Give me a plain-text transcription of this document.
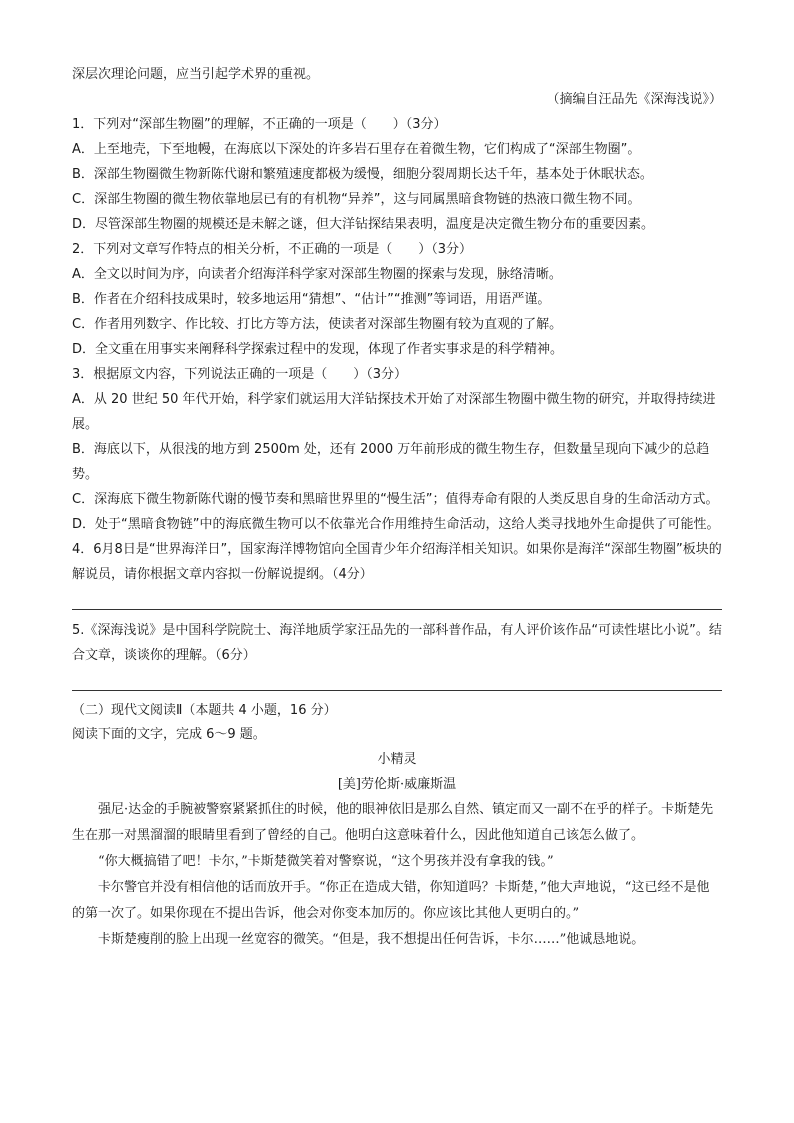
深层次理论问题，应当引起学术界的重视。
（摘编自汪品先《深海浅说》）
1．下列对“深部生物圈”的理解，不正确的一项是（　　）（3分）
A．上至地壳，下至地幔，在海底以下深处的许多岩石里存在着微生物，它们构成了“深部生物圈”。
B．深部生物圈微生物新陈代谢和繁殖速度都极为缓慢，细胞分裂周期长达千年，基本处于休眠状态。
C．深部生物圈的微生物依靠地层已有的有机物“异养”，这与同属黑暗食物链的热液口微生物不同。
D．尽管深部生物圈的规模还是未解之谜，但大洋钻探结果表明，温度是决定微生物分布的重要因素。
2．下列对文章写作特点的相关分析，不正确的一项是（　　）（3分）
A．全文以时间为序，向读者介绍海洋科学家对深部生物圈的探索与发现，脉络清晰。
B．作者在介绍科技成果时，较多地运用“猜想”、“估计”“推测”等词语，用语严谨。
C．作者用列数字、作比较、打比方等方法，使读者对深部生物圈有较为直观的了解。
D．全文重在用事实来阐释科学探索过程中的发现，体现了作者实事求是的科学精神。
3．根据原文内容，下列说法正确的一项是（　　）（3分）
A．从 20 世纪 50 年代开始，科学家们就运用大洋钻探技术开始了对深部生物圈中微生物的研究，并取得持续进展。
B．海底以下，从很浅的地方到 2500m 处，还有 2000 万年前形成的微生物生存，但数量呈现向下减少的总趋势。
C．深海底下微生物新陈代谢的慢节奏和黑暗世界里的“慢生活”；值得寿命有限的人类反思自身的生命活动方式。
D．处于“黑暗食物链”中的海底微生物可以不依靠光合作用维持生命活动，这给人类寻找地外生命提供了可能性。
4．6月8日是“世界海洋日”，国家海洋博物馆向全国青少年介绍海洋相关知识。如果你是海洋“深部生物圈”板块的解说员，请你根据文章内容拟一份解说提纲。（4分）
5.《深海浅说》是中国科学院院士、海洋地质学家汪品先的一部科普作品，有人评价该作品“可读性堪比小说”。结合文章，谈谈你的理解。（6分）
（二）现代文阅读Ⅱ（本题共 4 小题，16 分）
阅读下面的文字，完成 6～9 题。
小精灵
[美]劳伦斯·威廉斯温

强尼·达金的手腕被警察紧紧抓住的时候，他的眼神依旧是那么自然、镇定而又一副不在乎的样子。卡斯楚先生在那一对黑溜溜的眼睛里看到了曾经的自己。他明白这意味着什么，因此他知道自己该怎么做了。

“你大概搞错了吧！卡尔，”卡斯楚微笑着对警察说，“这个男孩并没有拿我的钱。”

卡尔警官并没有相信他的话而放开手。“你正在造成大错，你知道吗？卡斯楚，”他大声地说，“这已经不是他的第一次了。如果你现在不提出告诉，他会对你变本加厉的。你应该比其他人更明白的。”

卡斯楚瘦削的脸上出现一丝宽容的微笑。“但是，我不想提出任何告诉，卡尔……”他诚恳地说。
